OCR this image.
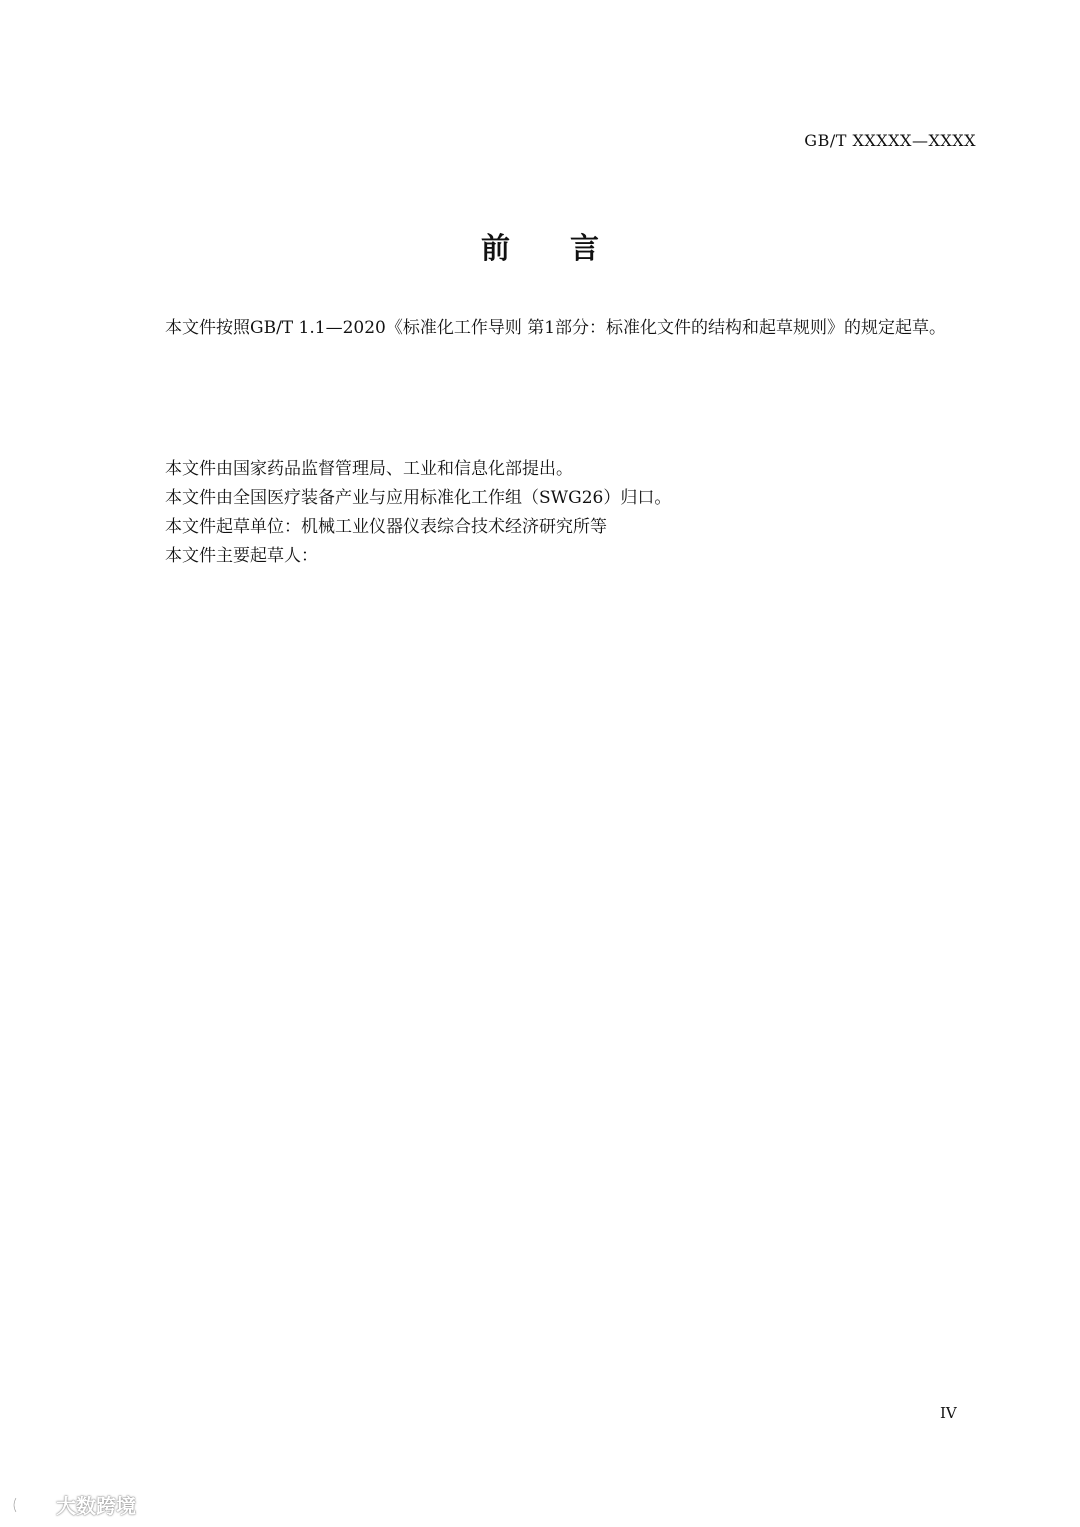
GB/T XXXXX—XXXX
前 言
本文件按照GB/T 1.1—2020《标准化工作导则 第1部分：标准化文件的结构和起草规则》的规定起草。
本文件由国家药品监督管理局、工业和信息化部提出。
本文件由全国医疗装备产业与应用标准化工作组（SWG26）归口。
本文件起草单位：机械工业仪器仪表综合技术经济研究所等
本文件主要起草人：
IV
大数跨境
